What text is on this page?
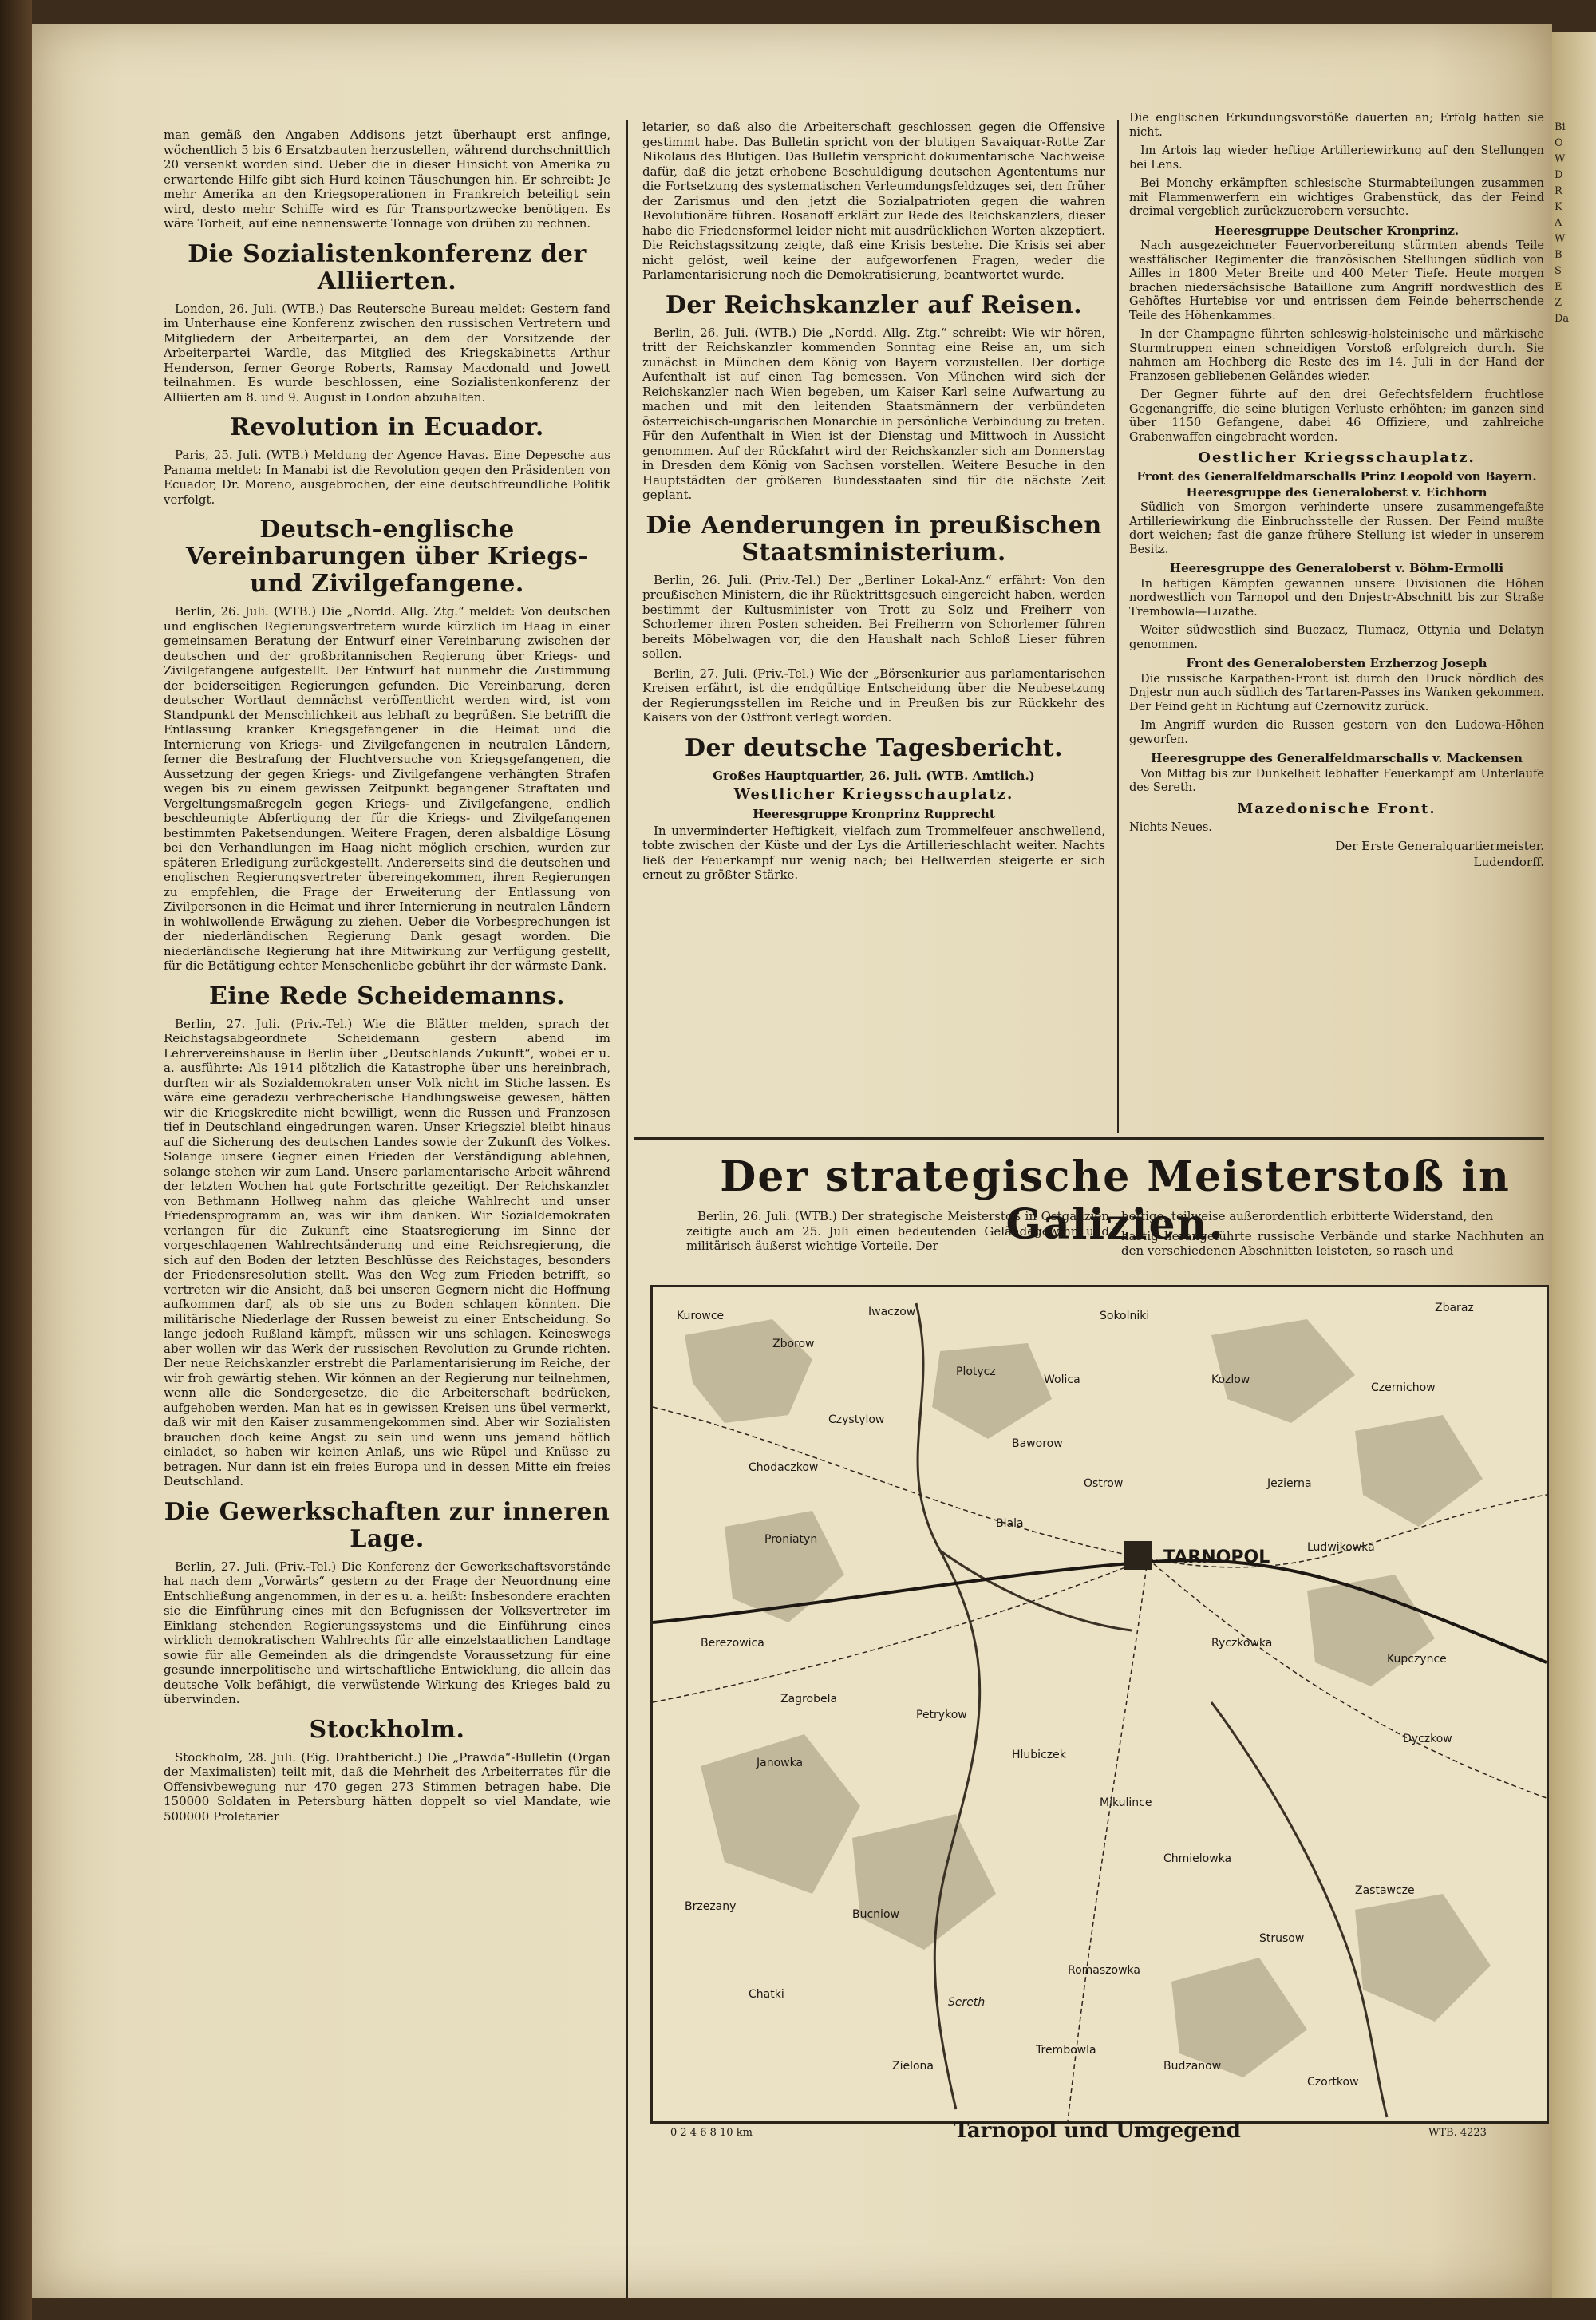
man gemäß den Angaben Addisons jetzt überhaupt erst anfinge, wöchentlich 5 bis 6 Ersatzbauten herzustellen, während durchschnittlich 20 versenkt worden sind. Ueber die in dieser Hinsicht von Amerika zu erwartende Hilfe gibt sich Hurd keinen Täuschungen hin. Er schreibt: Je mehr Amerika an den Kriegsoperationen in Frankreich beteiligt sein wird, desto mehr Schiffe wird es für Transportzwecke benötigen. Es wäre Torheit, auf eine nennenswerte Tonnage von drüben zu rechnen.

Die Sozialistenkonferenz der Alliierten.

London, 26. Juli. (WTB.) Das Reutersche Bureau meldet: Gestern fand im Unterhause eine Konferenz zwischen den russischen Vertretern und Mitgliedern der Arbeiterpartei, an dem der Vorsitzende der Arbeiterpartei Wardle, das Mitglied des Kriegskabinetts Arthur Henderson, ferner George Roberts, Ramsay Macdonald und Jowett teilnahmen. Es wurde beschlossen, eine Sozialistenkonferenz der Alliierten am 8. und 9. August in London abzuhalten.

Revolution in Ecuador.

Paris, 25. Juli. (WTB.) Meldung der Agence Havas. Eine Depesche aus Panama meldet: In Manabi ist die Revolution gegen den Präsidenten von Ecuador, Dr. Moreno, ausgebrochen, der eine deutschfreundliche Politik verfolgt.

Deutsch-englische Vereinbarungen über Kriegs- und Zivilgefangene.

Berlin, 26. Juli. (WTB.) Die „Nordd. Allg. Ztg.“ meldet: Von deutschen und englischen Regierungsvertretern wurde kürzlich im Haag in einer gemeinsamen Beratung der Entwurf einer Vereinbarung zwischen der deutschen und der großbritannischen Regierung über Kriegs- und Zivilgefangene aufgestellt. Der Entwurf hat nunmehr die Zustimmung der beiderseitigen Regierungen gefunden. Die Vereinbarung, deren deutscher Wortlaut demnächst veröffentlicht werden wird, ist vom Standpunkt der Menschlichkeit aus lebhaft zu begrüßen. Sie betrifft die Entlassung kranker Kriegsgefangener in die Heimat und die Internierung von Kriegs- und Zivilgefangenen in neutralen Ländern, ferner die Bestrafung der Fluchtversuche von Kriegsgefangenen, die Aussetzung der gegen Kriegs- und Zivilgefangene verhängten Strafen wegen bis zu einem gewissen Zeitpunkt begangener Straftaten und Vergeltungsmaßregeln gegen Kriegs- und Zivilgefangene, endlich beschleunigte Abfertigung der für die Kriegs- und Zivilgefangenen bestimmten Paketsendungen. Weitere Fragen, deren alsbaldige Lösung bei den Verhandlungen im Haag nicht möglich erschien, wurden zur späteren Erledigung zurückgestellt. Andererseits sind die deutschen und englischen Regierungsvertreter übereingekommen, ihren Regierungen zu empfehlen, die Frage der Erweiterung der Entlassung von Zivilpersonen in die Heimat und ihrer Internierung in neutralen Ländern in wohlwollende Erwägung zu ziehen. Ueber die Vorbesprechungen ist der niederländischen Regierung Dank gesagt worden. Die niederländische Regierung hat ihre Mitwirkung zur Verfügung gestellt, für die Betätigung echter Menschenliebe gebührt ihr der wärmste Dank.

Eine Rede Scheidemanns.

Berlin, 27. Juli. (Priv.-Tel.) Wie die Blätter melden, sprach der Reichstagsabgeordnete Scheidemann gestern abend im Lehrervereinshause in Berlin über „Deutschlands Zukunft“, wobei er u. a. ausführte: Als 1914 plötzlich die Katastrophe über uns hereinbrach, durften wir als Sozialdemokraten unser Volk nicht im Stiche lassen. Es wäre eine geradezu verbrecherische Handlungsweise gewesen, hätten wir die Kriegskredite nicht bewilligt, wenn die Russen und Franzosen tief in Deutschland eingedrungen waren. Unser Kriegsziel bleibt hinaus auf die Sicherung des deutschen Landes sowie der Zukunft des Volkes. Solange unsere Gegner einen Frieden der Verständigung ablehnen, solange stehen wir zum Land. Unsere parlamentarische Arbeit während der letzten Wochen hat gute Fortschritte gezeitigt. Der Reichskanzler von Bethmann Hollweg nahm das gleiche Wahlrecht und unser Friedensprogramm an, was wir ihm danken. Wir Sozialdemokraten verlangen für die Zukunft eine Staatsregierung im Sinne der vorgeschlagenen Wahlrechtsänderung und eine Reichsregierung, die sich auf den Boden der letzten Beschlüsse des Reichstages, besonders der Friedensresolution stellt. Was den Weg zum Frieden betrifft, so vertreten wir die Ansicht, daß bei unseren Gegnern nicht die Hoffnung aufkommen darf, als ob sie uns zu Boden schlagen könnten. Die militärische Niederlage der Russen beweist zu einer Entscheidung. So lange jedoch Rußland kämpft, müssen wir uns schlagen. Keineswegs aber wollen wir das Werk der russischen Revolution zu Grunde richten. Der neue Reichskanzler erstrebt die Parlamentarisierung im Reiche, der wir froh gewärtig stehen. Wir können an der Regierung nur teilnehmen, wenn alle die Sondergesetze, die die Arbeiterschaft bedrücken, aufgehoben werden. Man hat es in gewissen Kreisen uns übel vermerkt, daß wir mit den Kaiser zusammengekommen sind. Aber wir Sozialisten brauchen doch keine Angst zu sein und wenn uns jemand höflich einladet, so haben wir keinen Anlaß, uns wie Rüpel und Knüsse zu betragen. Nur dann ist ein freies Europa und in dessen Mitte ein freies Deutschland.

Die Gewerkschaften zur inneren Lage.

Berlin, 27. Juli. (Priv.-Tel.) Die Konferenz der Gewerkschaftsvorstände hat nach dem „Vorwärts“ gestern zu der Frage der Neuordnung eine Entschließung angenommen, in der es u. a. heißt: Insbesondere erachten sie die Einführung eines mit den Befugnissen der Volksvertreter im Einklang stehenden Regierungssystems und die Einführung eines wirklich demokratischen Wahlrechts für alle einzelstaatlichen Landtage sowie für alle Gemeinden als die dringendste Voraussetzung für eine gesunde innerpolitische und wirtschaftliche Entwicklung, die allein das deutsche Volk befähigt, die verwüstende Wirkung des Krieges bald zu überwinden.

Stockholm.

Stockholm, 28. Juli. (Eig. Drahtbericht.) Die „Prawda“-Bulletin (Organ der Maximalisten) teilt mit, daß die Mehrheit des Arbeiterrates für die Offensivbewegung nur 470 gegen 273 Stimmen betragen habe. Die 150000 Soldaten in Petersburg hätten doppelt so viel Mandate, wie 500000 Proletarier

letarier, so daß also die Arbeiterschaft geschlossen gegen die Offensive gestimmt habe. Das Bulletin spricht von der blutigen Savaiquar-Rotte Zar Nikolaus des Blutigen. Das Bulletin verspricht dokumentarische Nachweise dafür, daß die jetzt erhobene Beschuldigung deutschen Agententums nur die Fortsetzung des systematischen Verleumdungsfeldzuges sei, den früher der Zarismus und den jetzt die Sozialpatrioten gegen die wahren Revolutionäre führen. Rosanoff erklärt zur Rede des Reichskanzlers, dieser habe die Friedensformel leider nicht mit ausdrücklichen Worten akzeptiert. Die Reichstagssitzung zeigte, daß eine Krisis bestehe. Die Krisis sei aber nicht gelöst, weil keine der aufgeworfenen Fragen, weder die Parlamentarisierung noch die Demokratisierung, beantwortet wurde.

Der Reichskanzler auf Reisen.

Berlin, 26. Juli. (WTB.) Die „Nordd. Allg. Ztg.“ schreibt: Wie wir hören, tritt der Reichskanzler kommenden Sonntag eine Reise an, um sich zunächst in München dem König von Bayern vorzustellen. Der dortige Aufenthalt ist auf einen Tag bemessen. Von München wird sich der Reichskanzler nach Wien begeben, um Kaiser Karl seine Aufwartung zu machen und mit den leitenden Staatsmännern der verbündeten österreichisch-ungarischen Monarchie in persönliche Verbindung zu treten. Für den Aufenthalt in Wien ist der Dienstag und Mittwoch in Aussicht genommen. Auf der Rückfahrt wird der Reichskanzler sich am Donnerstag in Dresden dem König von Sachsen vorstellen. Weitere Besuche in den Hauptstädten der größeren Bundesstaaten sind für die nächste Zeit geplant.

Die Aenderungen in preußischen Staatsministerium.

Berlin, 26. Juli. (Priv.-Tel.) Der „Berliner Lokal-Anz.“ erfährt: Von den preußischen Ministern, die ihr Rücktrittsgesuch eingereicht haben, werden bestimmt der Kultusminister von Trott zu Solz und Freiherr von Schorlemer ihren Posten scheiden. Bei Freiherrn von Schorlemer führen bereits Möbelwagen vor, die den Haushalt nach Schloß Lieser führen sollen.

Berlin, 27. Juli. (Priv.-Tel.) Wie der „Börsenkurier aus parlamentarischen Kreisen erfährt, ist die endgültige Entscheidung über die Neubesetzung der Regierungsstellen im Reiche und in Preußen bis zur Rückkehr des Kaisers von der Ostfront verlegt worden.

Der deutsche Tagesbericht.
Großes Hauptquartier, 26. Juli. (WTB. Amtlich.)
Westlicher Kriegsschauplatz.
Heeresgruppe Kronprinz Rupprecht

In unverminderter Heftigkeit, vielfach zum Trommelfeuer anschwellend, tobte zwischen der Küste und der Lys die Artillerieschlacht weiter. Nachts ließ der Feuerkampf nur wenig nach; bei Hellwerden steigerte er sich erneut zu größter Stärke.

Die englischen Erkundungsvorstöße dauerten an; Erfolg hatten sie nicht.

Im Artois lag wieder heftige Artilleriewirkung auf den Stellungen bei Lens.

Bei Monchy erkämpften schlesische Sturmabteilungen zusammen mit Flammenwerfern ein wichtiges Grabenstück, das der Feind dreimal vergeblich zurückzuerobern versuchte.

Heeresgruppe Deutscher Kronprinz.

Nach ausgezeichneter Feuervorbereitung stürmten abends Teile westfälischer Regimenter die französischen Stellungen südlich von Ailles in 1800 Meter Breite und 400 Meter Tiefe. Heute morgen brachen niedersächsische Bataillone zum Angriff nordwestlich des Gehöftes Hurtebise vor und entrissen dem Feinde beherrschende Teile des Höhenkammes.

In der Champagne führten schleswig-holsteinische und märkische Sturmtruppen einen schneidigen Vorstoß erfolgreich durch. Sie nahmen am Hochberg die Reste des im 14. Juli in der Hand der Franzosen gebliebenen Geländes wieder.

Der Gegner führte auf den drei Gefechtsfeldern fruchtlose Gegenangriffe, die seine blutigen Verluste erhöhten; im ganzen sind über 1150 Gefangene, dabei 46 Offiziere, und zahlreiche Grabenwaffen eingebracht worden.

Oestlicher Kriegsschauplatz.
Front des Generalfeldmarschalls Prinz Leopold von Bayern.
Heeresgruppe des Generaloberst v. Eichhorn

Südlich von Smorgon verhinderte unsere zusammengefaßte Artilleriewirkung die Einbruchsstelle der Russen. Der Feind mußte dort weichen; fast die ganze frühere Stellung ist wieder in unserem Besitz.

Heeresgruppe des Generaloberst v. Böhm-Ermolli

In heftigen Kämpfen gewannen unsere Divisionen die Höhen nordwestlich von Tarnopol und den Dnjestr-Abschnitt bis zur Straße Trembowla—Luzathe.

Weiter südwestlich sind Buczacz, Tlumacz, Ottynia und Delatyn genommen.

Front des Generalobersten Erzherzog Joseph

Die russische Karpathen-Front ist durch den Druck nördlich des Dnjestr nun auch südlich des Tartaren-Passes ins Wanken gekommen. Der Feind geht in Richtung auf Czernowitz zurück.

Im Angriff wurden die Russen gestern von den Ludowa-Höhen geworfen.

Heeresgruppe des Generalfeldmarschalls v. Mackensen

Von Mittag bis zur Dunkelheit lebhafter Feuerkampf am Unterlaufe des Sereth.

Mazedonische Front.

Nichts Neues.

Der Erste Generalquartiermeister.
Ludendorff.
Der strategische Meisterstoß in Galizien.

Berlin, 26. Juli. (WTB.) Der strategische Meisterstoß in Ostgalizien zeitigte auch am 25. Juli einen bedeutenden Geländegewinn und militärisch äußerst wichtige Vorteile. Der

heftige, teilweise außerordentlich erbitterte Widerstand, den

hastig herangeführte russische Verbände und starke Nachhuten an den verschiedenen Abschnitten leisteten, so rasch und

TARNOPOL
Kurowce
Zbaraz
Iwaczow	Sokolniki
Zborow
Plotycz
Czystylow
Wolica	Kozlow
Chodaczkow
Baworow
Czernichow
Ostrow	Jezierna
Proniatyn
Biala
Berezowica
Ludwikowka
Zagrobela
Janowka
Ryczkowka
Petrykow
Kupczynce
Hlubiczek
Mikulince
Dyczkow
Chmielowka
Brzezany
Bucniow
Romaszowka
Strusow
Chatki
Trembowla
Czortkow
Zielona
Zastawcze
Budzanow
Sereth
0 2 4 6 8 10 km	Tarnopol und Umgegend	WTB. 4223
Bi
O
W
D
R
K
A
W
B
S
E
Z
Da
